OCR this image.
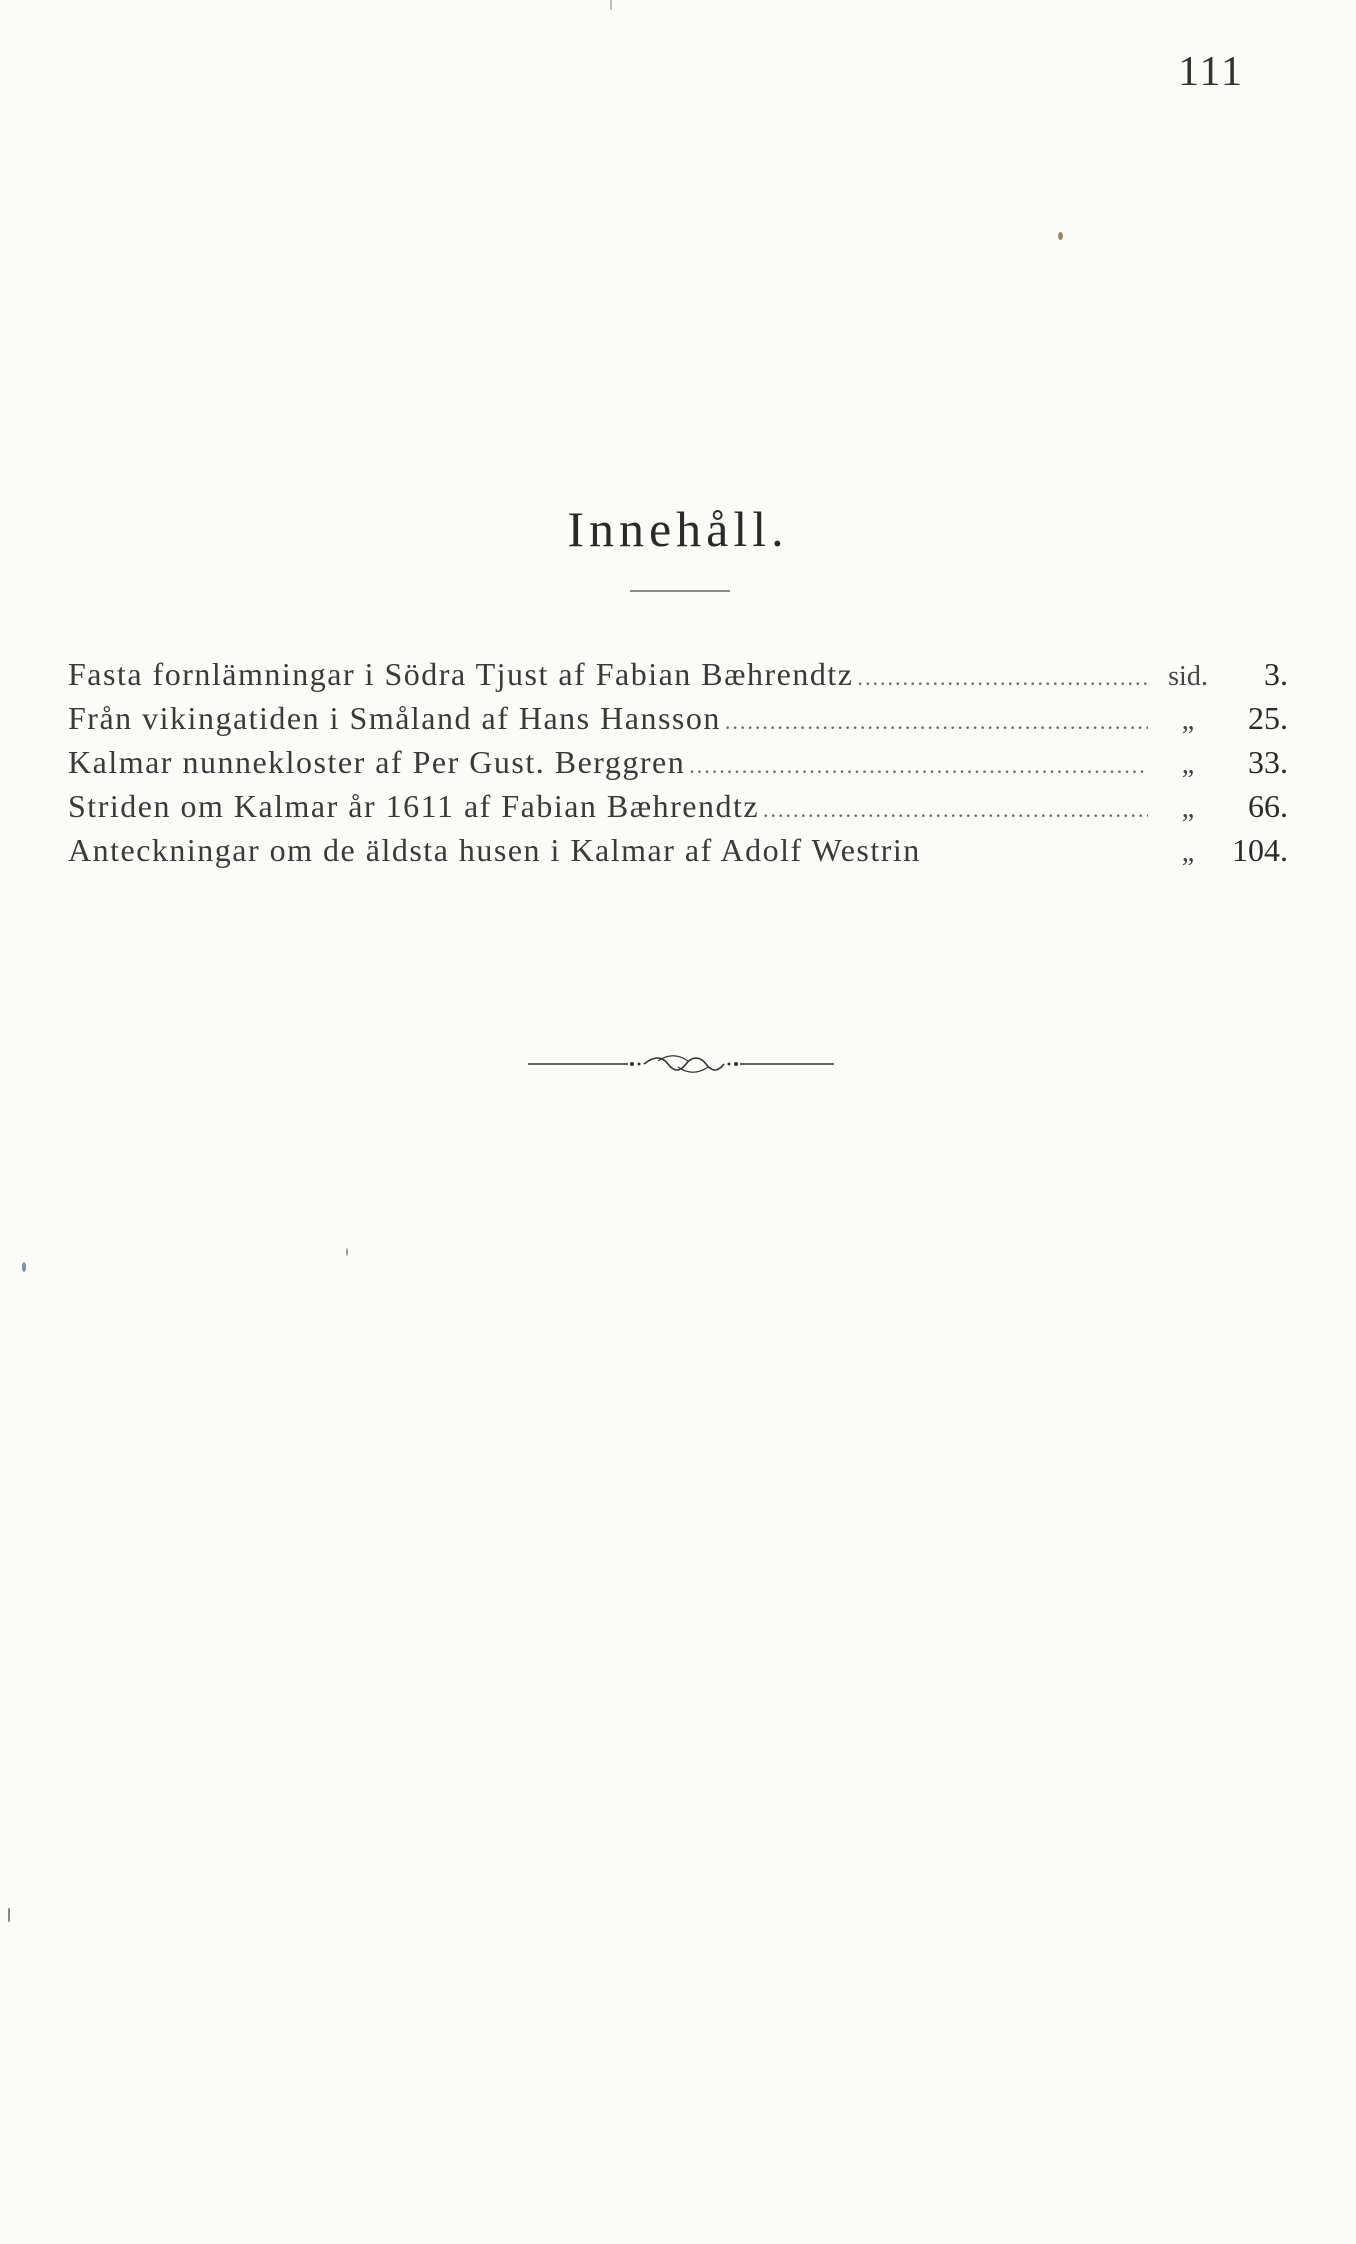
111
Innehåll.
Fasta fornlämningar i Södra Tjust af Fabian Bæhrendtz .....	sid.	3.
Från vikingatiden i Småland af Hans Hansson .....	„	25.
Kalmar nunnekloster af Per Gust. Berggren .....	„	33.
Striden om Kalmar år 1611 af Fabian Bæhrendtz .....	„	66.
Anteckningar om de äldsta husen i Kalmar af Adolf Westrin	„	104.
